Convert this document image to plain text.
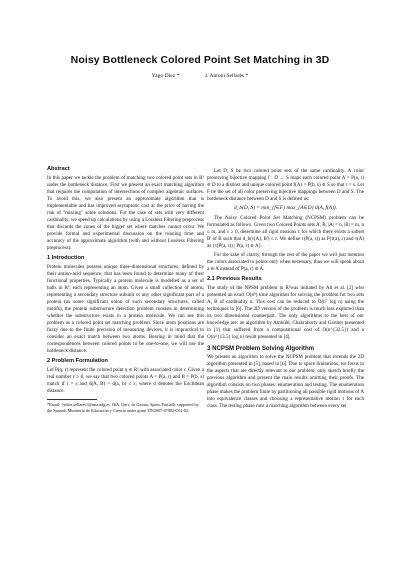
Noisy Bottleneck Colored Point Set Matching in 3D
Yago Diez *	J. Antoni Sellarès *
Abstract

In this paper we tackle the problem of matching two colored point sets in R³ under the bottleneck distance. First we present an exact matching algorithm that requires the computation of intersections of complex algebraic surfaces. To avoid this, we also present an approximate algorithm that is implementable and has improved asymptotic cost at the price of having the risk of "missing" some solutions. For the case of sets with very different cardinality, we speed up calculations by using a Lossless Filtering preprocess that discards the zones of the bigger set where matches cannot occur. We provide formal and experimental discussion on the running time and accuracy of the approximate algorithm (with and without Lossless Filtering preprocess).

1 Introduction

Protein molecules possess unique three-dimensional structures, defined by their amino-acid sequence, that has been found to determine many of their functional properties. Typically a protein molecule is modelled as a set of balls in R³, each representing an atom. Given a small collection of atoms, representing a secondary structure subunit or any other significant part of a protein (as some significant union of such secondary structures, called motifs), the protein substructure detection problem consists in determining whether the substructure exists in a protein molecule. We can see this problem as a colored point set matching problem. Since atom positions are fuzzy due to the finite precision of measuring devices, it is impractical to consider an exact match between two atoms. Bearing in mind that the correspondences between colored points to be one-to-one, we will use the bottleneck distance.

2 Problem Formulation

Let P(q, r) represent the colored point q ∈ R³ with associated color r. Given a real number ε ≥ 0, we say that two colored points A = P(a, r) and B = P(b, s) match if r = s and d(A, B) = d(a, b) ≤ ε, where d denotes the Euclidean distance.

*Email: {ydiez,sellares}@ima.udg.es. IIiA, Univ. de Girona, Spain. Partially supported by the Spanish Ministerio de Educación y Ciencia under grant TIN2007-67982-C02-02.

Let D, S be two colored point sets of the same cardinality. A color preserving bijective mapping f : D → S maps each colored point A = P(a, r) ∈ D to a distinct and unique colored point f(A) = P(b, s) ∈ S so that r = s. Let F be the set of all color preserving bijective mappings between D and S. The bottleneck distance between D and S is defined as:

d_b(D, S) = min_{f∈F} max_{A∈D} d(A, f(A)).

The Noisy Colored Point Set Matching (NCPSM) problem can be formulated as follows. Given two Colored Points sets A, B, |A| = n, |B| = m, n ≤ m, and ε ≥ 0, determine all rigid motions τ for which there exists a subset B' of B such that d_b(τ(A), B') ≤ ε. We define τ(P(a, r)) as P(τ(a), r) and τ(A) as {τ(P(a, r)) | P(a, r) ∈ A}.

For the sake of clarity, through the rest of the paper we will just mention the colors associated to points only when necessary, thus we will speak about a ∈ A instead of P(a, r) ∈ A.

2.1 Previous Results

The study of the NPSM problem in R²was initiated by Alt et al. [2] who presented an exact O(n⁸) time algorithm for solving the problem for two sets A, B of cardinality n. This cost can be reduced to O(n⁷ log n) using the techniques in [6]. The 3D version of the problem is much less explored than its two dimensional counterpart. The only algorithms to the best of our knowledge are: an algorithm by Ambühl, Chakraborty and Gartner presented in [1] that suffered from a computational cost of O(n^{32.5}) and a O(n^{13.5} log n) result presented in [4].

3 NCPSM Problem Solving Algorithm

We present an algorithm to solve the NCPSM problem that extends the 2D algorithm presented in [5], based in [6]. Due to space limitations, we focus in the aspects that are directly relevant to our problem, only sketch briefly the previous algorithm and present the main results omitting their proofs. The algorithm consists on two phases: enumeration and testing. The enumeration phase makes the problem finite by partitioning all possible rigid motions of A into equivalence classes and choosing a representative motion τ for each class. The testing phase runs a matching algorithm between every set
